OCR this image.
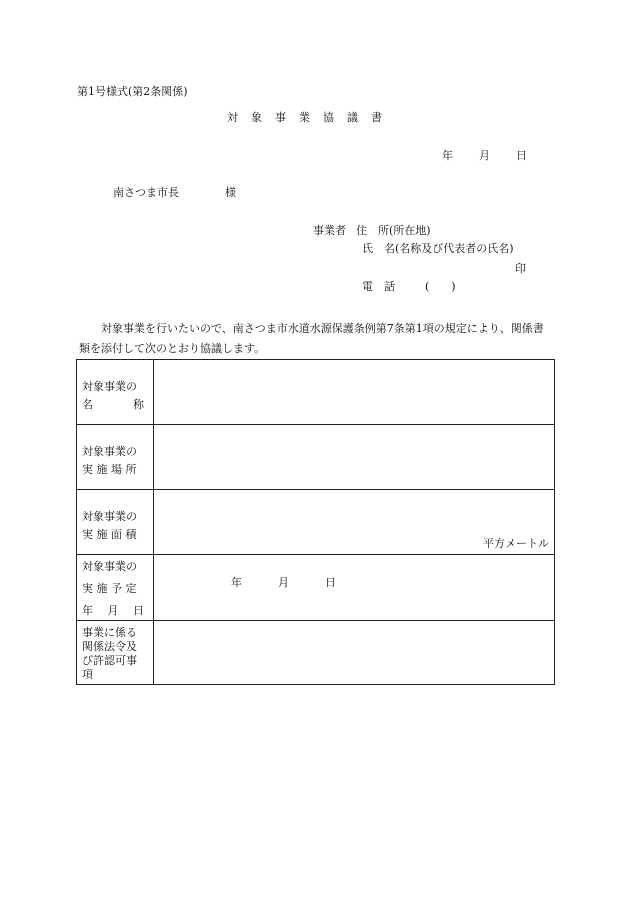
第1号様式(第2条関係)
対象事業協議書
年 月 日
南さつま市長	様
事業者 住　所(所在地)
氏　名(名称及び代表者の氏名)
印
電　話	(　　)
対象事業を行いたいので、南さつま市水道水源保護条例第7条第1項の規定により、関係書類を添付して次のとおり協議します。
対象事業の
名 称	

対象事業の
実 施 場 所	

対象事業の
実 施 面 積	平方メートル

対象事業の
実 施 予 定
年 月 日	年 月 日

事業に係る
関係法令及
び許認可事
項	
